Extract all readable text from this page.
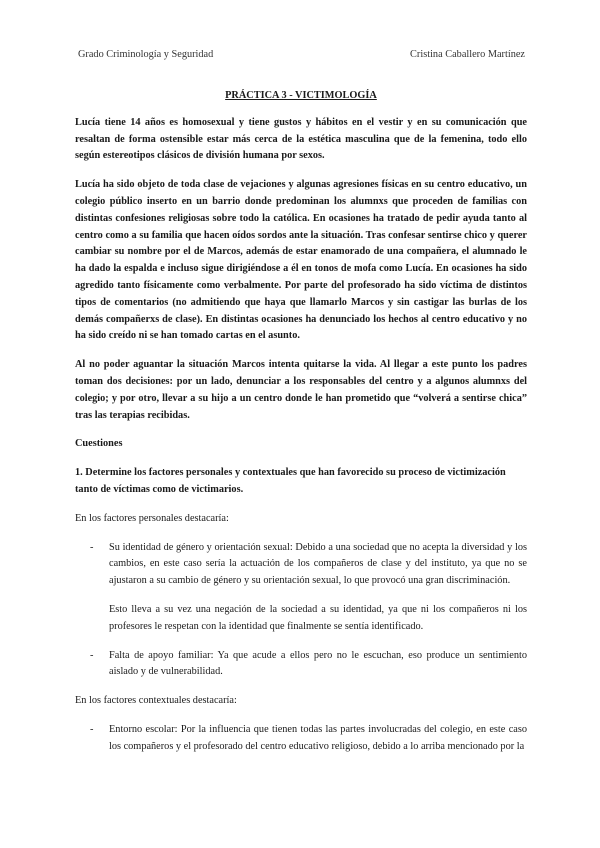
Grado Criminología y Seguridad	Cristina Caballero Martínez

PRÁCTICA 3 - VICTIMOLOGÍA

Lucía tiene 14 años es homosexual y tiene gustos y hábitos en el vestir y en su comunicación que resaltan de forma ostensible estar más cerca de la estética masculina que de la femenina, todo ello según estereotipos clásicos de división humana por sexos.

Lucía ha sido objeto de toda clase de vejaciones y algunas agresiones físicas en su centro educativo, un colegio público inserto en un barrio donde predominan los alumnxs que proceden de familias con distintas confesiones religiosas sobre todo la católica. En ocasiones ha tratado de pedir ayuda tanto al centro como a su familia que hacen oídos sordos ante la situación. Tras confesar sentirse chico y querer cambiar su nombre por el de Marcos, además de estar enamorado de una compañera, el alumnado le ha dado la espalda e incluso sigue dirigiéndose a él en tonos de mofa como Lucía. En ocasiones ha sido agredido tanto físicamente como verbalmente. Por parte del profesorado ha sido víctima de distintos tipos de comentarios (no admitiendo que haya que llamarlo Marcos y sin castigar las burlas de los demás compañerxs de clase). En distintas ocasiones ha denunciado los hechos al centro educativo y no ha sido creído ni se han tomado cartas en el asunto.

Al no poder aguantar la situación Marcos intenta quitarse la vida. Al llegar a este punto los padres toman dos decisiones: por un lado, denunciar a los responsables del centro y a algunos alumnxs del colegio; y por otro, llevar a su hijo a un centro donde le han prometido que “volverá a sentirse chica” tras las terapias recibidas.

Cuestiones

1. Determine los factores personales y contextuales que han favorecido su proceso de victimización tanto de víctimas como de victimarios.

En los factores personales destacaría:

- Su identidad de género y orientación sexual: Debido a una sociedad que no acepta la diversidad y los cambios, en este caso sería la actuación de los compañeros de clase y del instituto, ya que no se ajustaron a su cambio de género y su orientación sexual, lo que provocó una gran discriminación.
Esto lleva a su vez una negación de la sociedad a su identidad, ya que ni los compañeros ni los profesores le respetan con la identidad que finalmente se sentía identificado.
- Falta de apoyo familiar: Ya que acude a ellos pero no le escuchan, eso produce un sentimiento aislado y de vulnerabilidad.

En los factores contextuales destacaría:

- Entorno escolar: Por la influencia que tienen todas las partes involucradas del colegio, en este caso los compañeros y el profesorado del centro educativo religioso, debido a lo arriba mencionado por la
